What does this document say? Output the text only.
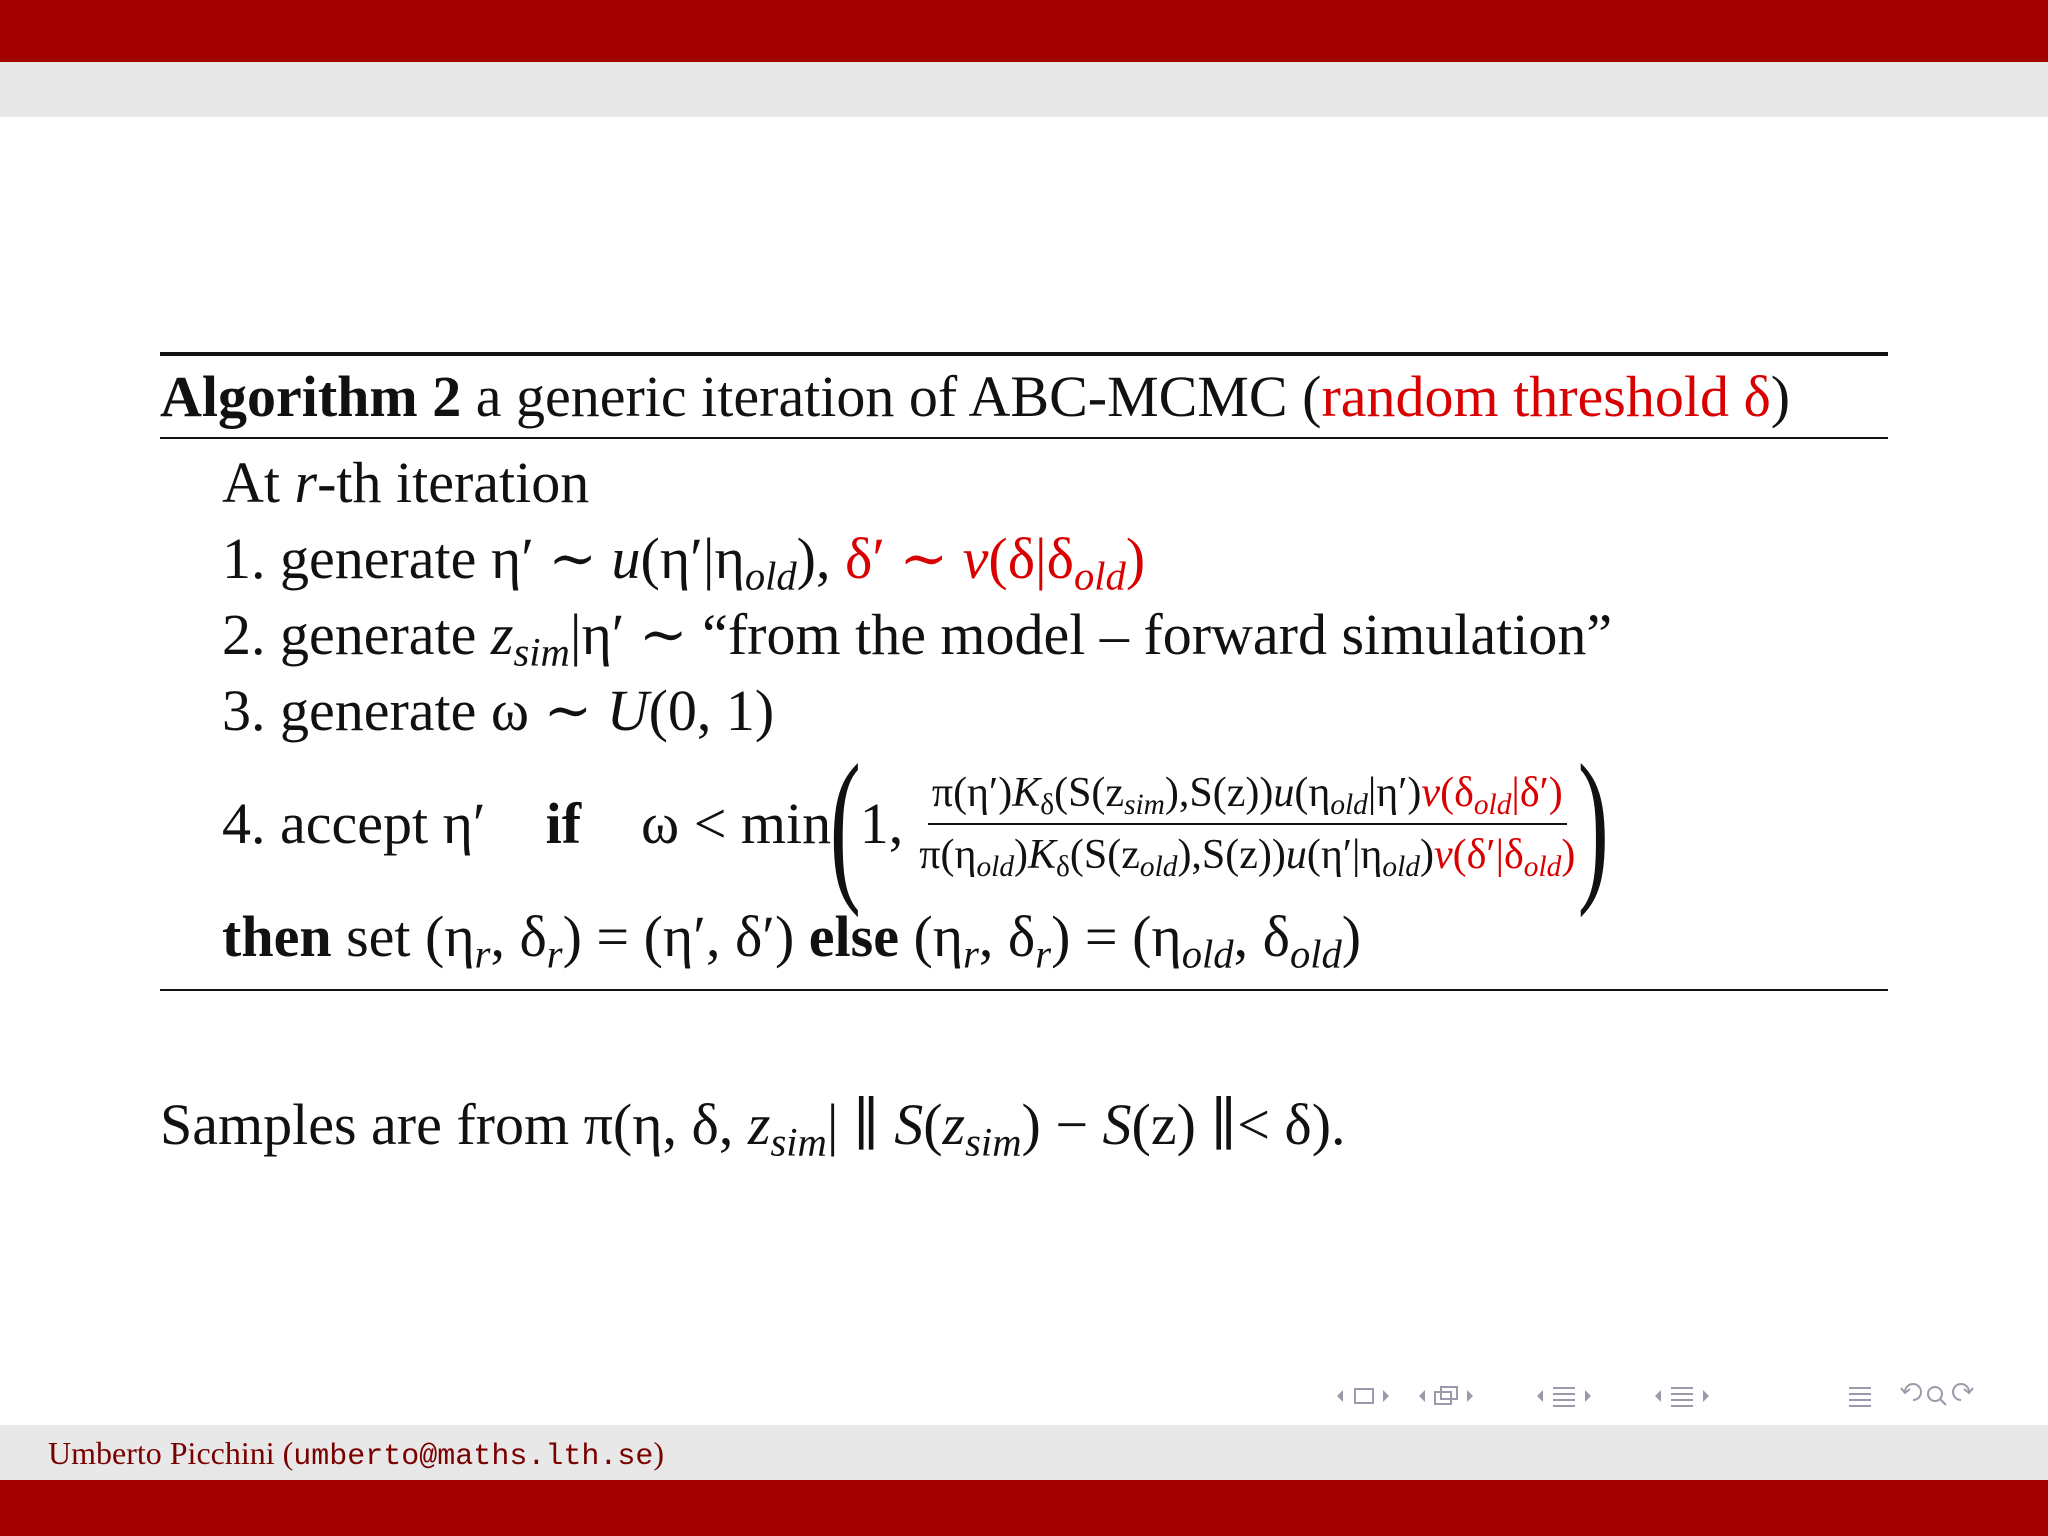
Algorithm 2 a generic iteration of ABC-MCMC (random threshold δ)
At r-th iteration
1. generate η′ ∼ $u(\eta'|\eta_{old})$, δ′ ∼ $v(\delta|\delta_{old})$
2. generate $z_{sim}|\eta'$ ∼ “from the model – forward simulation”
3. generate ω ∼ U(0, 1)
4. accept η′ if ω < min
(
1, $\frac{\pi(\eta')K_\delta(S(z_{sim}),S(z))u(\eta_{old}|\eta')v(\delta_{old}|\delta')}{\pi(\eta_{old})K_\delta(S(z_{old}),S(z))u(\eta'|\eta_{old})v(\delta'|\delta_{old})}$
)
then set ($\eta_r$, $\delta_r) = (\eta'$, δ′) else ($\eta_r$, $\delta_r) = (\eta_{old}$, $\delta_{old}$)
Samples are from π(η, δ, $z_{sim}|$ ∥ $S(z_{sim}) - S(z)$ ∥< δ).
Umberto Picchini (umberto@maths.lth.se)
